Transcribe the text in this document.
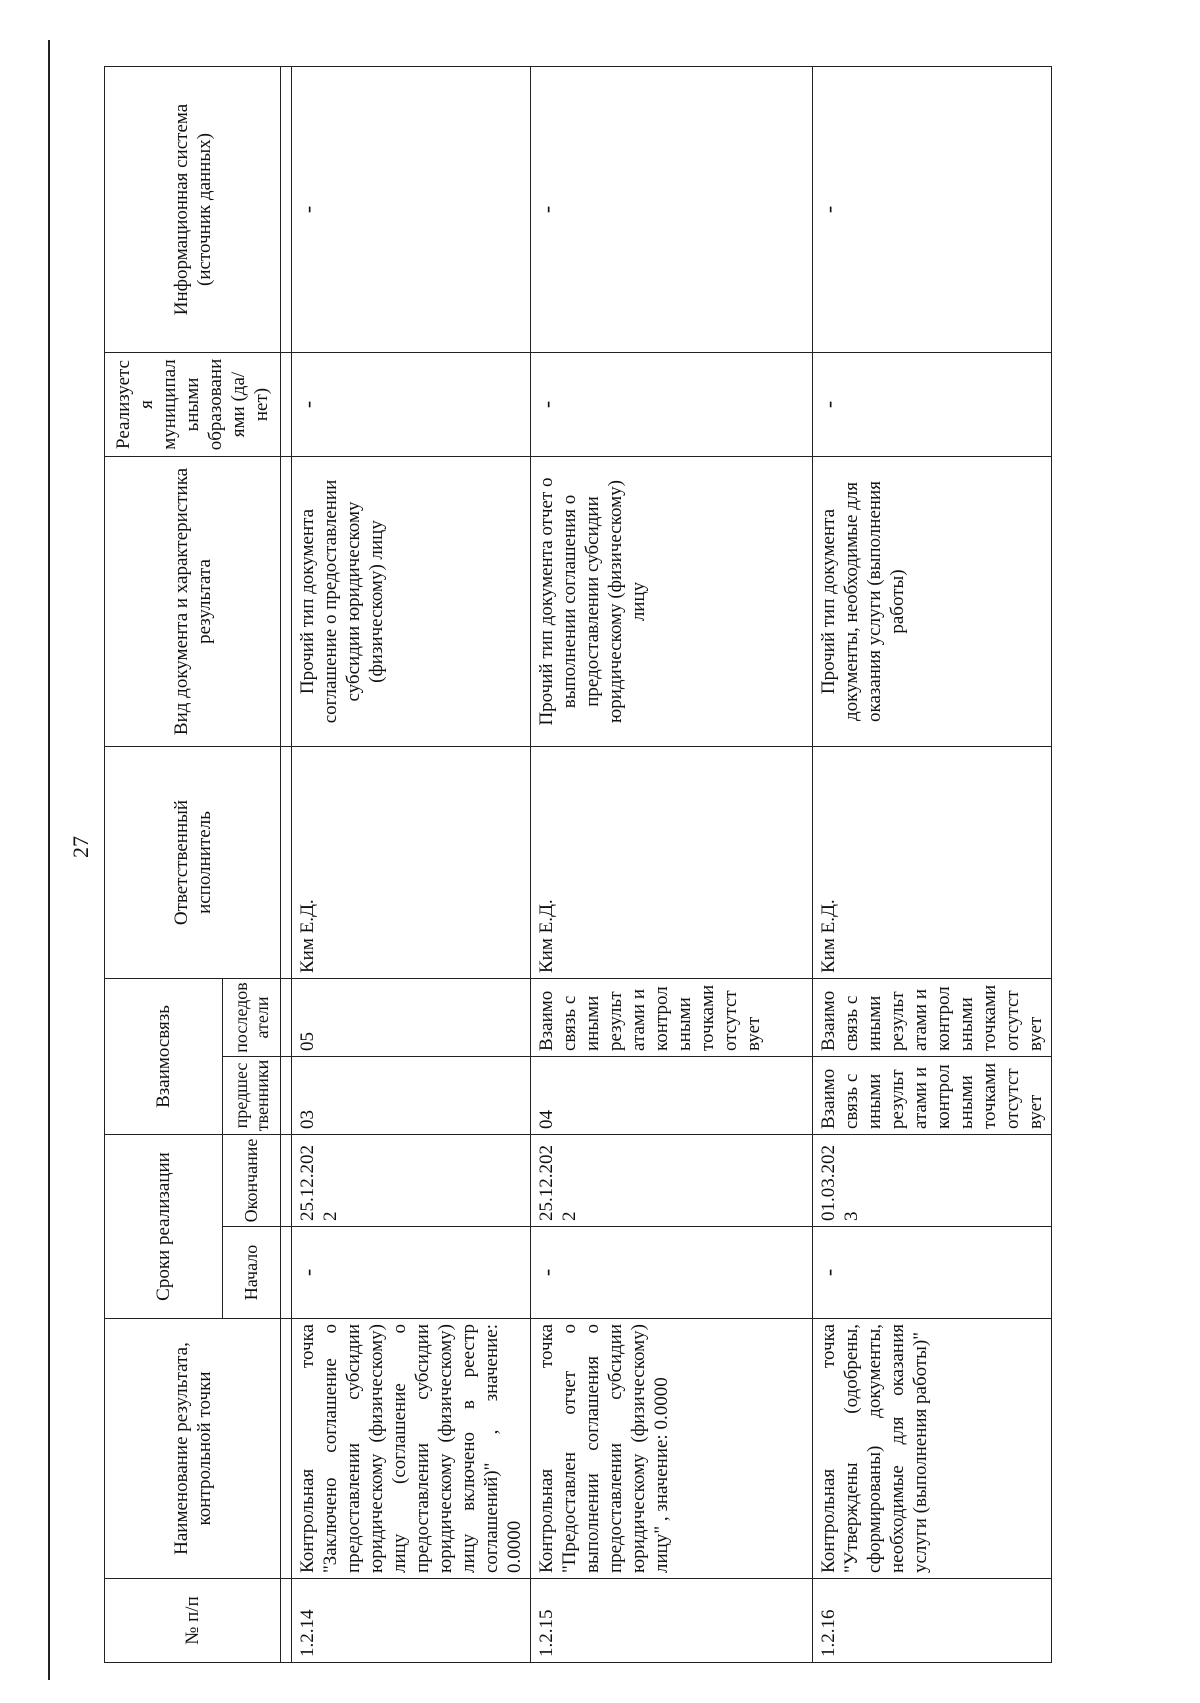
27
№ п/п	Наименование результата, контрольной точки	Сроки реализации		Взаимосвязь		Ответственный исполнитель	Вид документа и характеристика результата	Реализуется муниципальными образованиями (да/нет)	Информационная система (источник данных)
		Начало	Окончание	предшественники	последователи				

1.2.14	Контрольная точка "Заключено соглашение о предоставлении субсидии юридическому (физическому) лицу (соглашение о предоставлении субсидии юридическому (физическому) лицу включено в реестр соглашений)" , значение: 0.0000	-	25.12.2022	03	05	Ким Е.Д.	Прочий тип документа соглашение о предоставлении субсидии юридическому (физическому) лицу	-	-
1.2.15	Контрольная точка "Предоставлен отчет о выполнении соглашения о предоставлении субсидии юридическому (физическому) лицу" , значение: 0.0000	-	25.12.2022	04	Взаимосвязь с иными результатами и контрольными точками отсутствует	Ким Е.Д.	Прочий тип документа отчет о выполнении соглашения о предоставлении субсидии юридическому (физическому) лицу	-	-
1.2.16	Контрольная точка "Утверждены (одобрены, сформированы) документы, необходимые для оказания услуги (выполнения работы)"	-	01.03.2023	Взаимосвязь с иными результатами и контрольными точками отсутствует	Взаимосвязь с иными результатами и контрольными точками отсутствует	Ким Е.Д.	Прочий тип документа документы, необходимые для оказания услуги (выполнения работы)	-	-
